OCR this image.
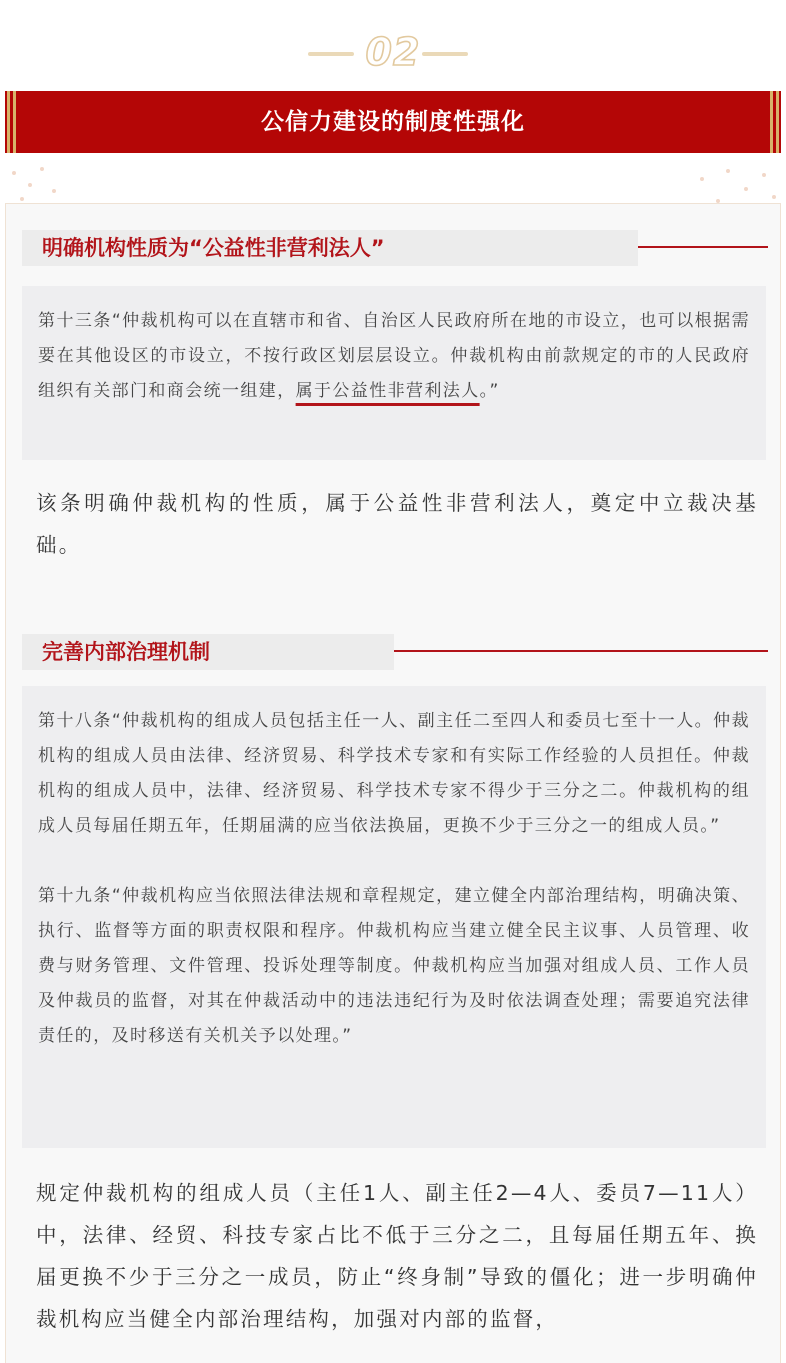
02
公信力建设的制度性强化
明确机构性质为“公益性非营利法人”

第十三条“仲裁机构可以在直辖市和省、自治区人民政府所在地的市设立，也可以根据需要在其他设区的市设立，不按行政区划层层设立。仲裁机构由前款规定的市的人民政府组织有关部门和商会统一组建，属于公益性非营利法人。”

该条明确仲裁机构的性质，属于公益性非营利法人，奠定中立裁决基础。
完善内部治理机制

第十八条“仲裁机构的组成人员包括主任一人、副主任二至四人和委员七至十一人。仲裁机构的组成人员由法律、经济贸易、科学技术专家和有实际工作经验的人员担任。仲裁机构的组成人员中，法律、经济贸易、科学技术专家不得少于三分之二。仲裁机构的组成人员每届任期五年，任期届满的应当依法换届，更换不少于三分之一的组成人员。”

第十九条“仲裁机构应当依照法律法规和章程规定，建立健全内部治理结构，明确决策、执行、监督等方面的职责权限和程序。仲裁机构应当建立健全民主议事、人员管理、收费与财务管理、文件管理、投诉处理等制度。仲裁机构应当加强对组成人员、工作人员及仲裁员的监督，对其在仲裁活动中的违法违纪行为及时依法调查处理；需要追究法律责任的，及时移送有关机关予以处理。”

规定仲裁机构的组成人员（主任1人、副主任2—4人、委员7—11人）中，法律、经贸、科技专家占比不低于三分之二，且每届任期五年、换届更换不少于三分之一成员，防止“终身制”导致的僵化；进一步明确仲裁机构应当健全内部治理结构，加强对内部的监督，
